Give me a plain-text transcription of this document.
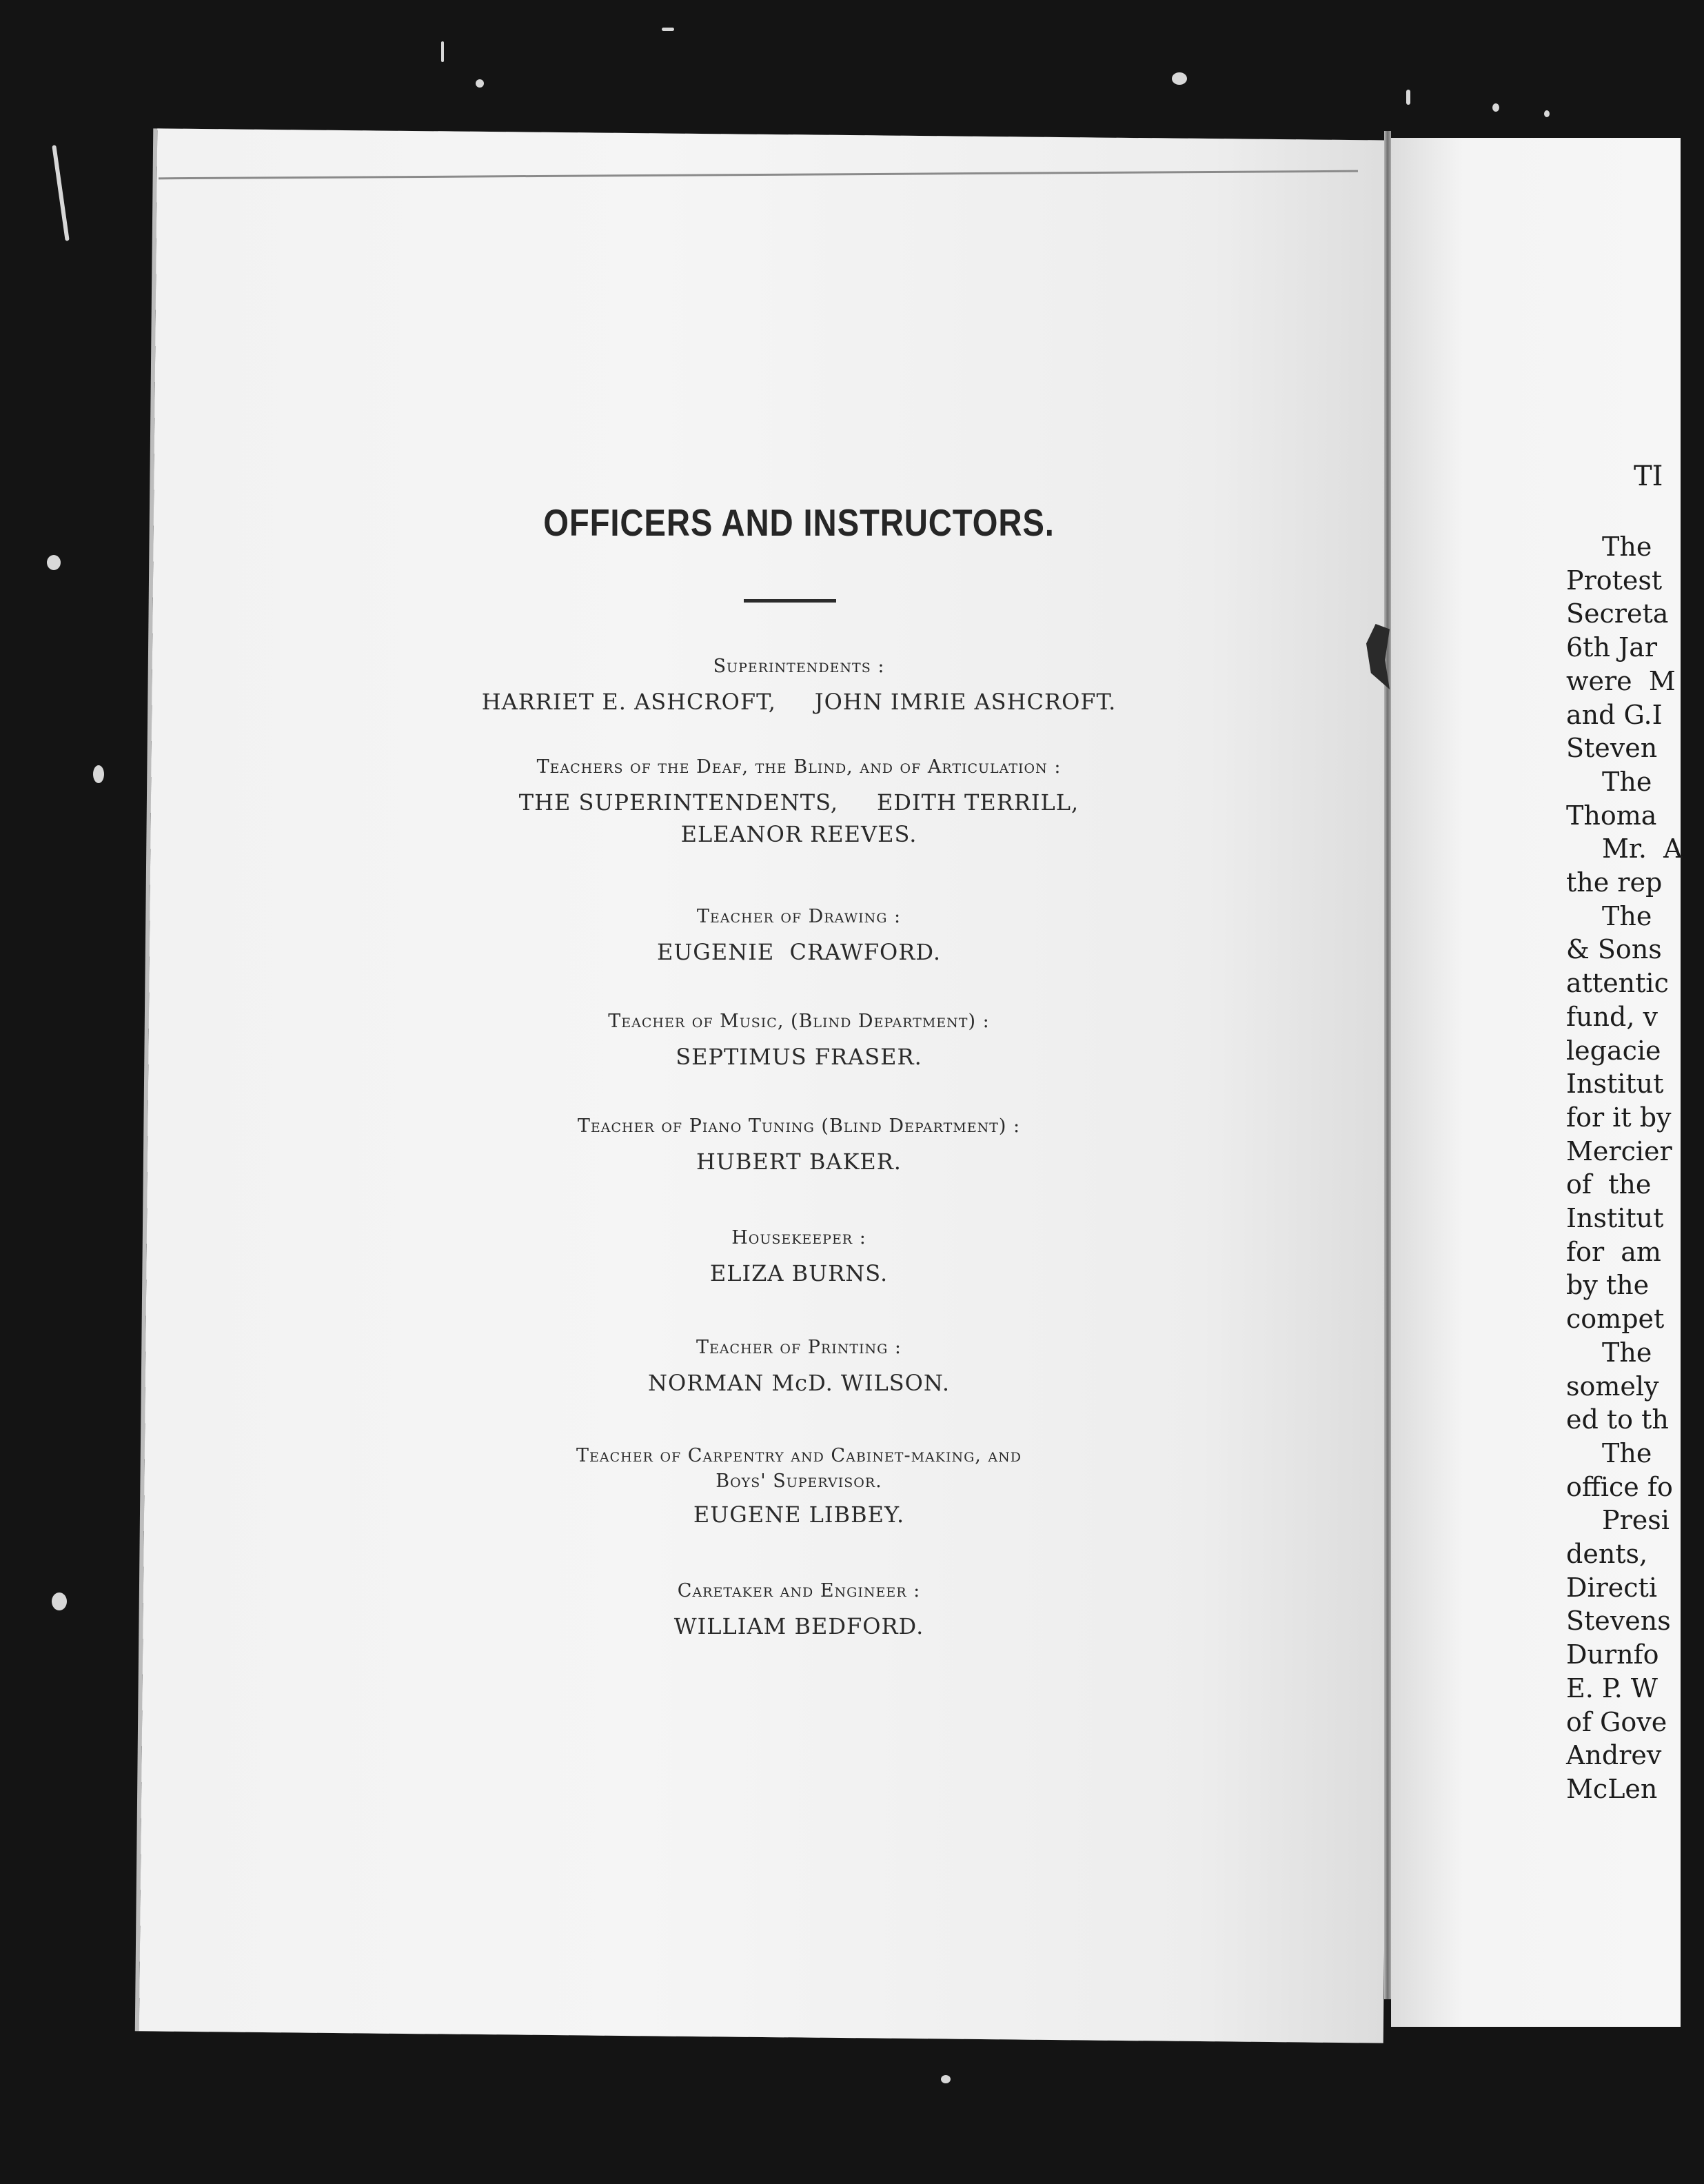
OFFICERS AND INSTRUCTORS.
Superintendents :
HARRIET E. ASHCROFT,     JOHN IMRIE ASHCROFT.
Teachers of the Deaf, the Blind, and of Articulation :
THE SUPERINTENDENTS,     EDITH TERRILL,
ELEANOR REEVES.
Teacher of Drawing :
EUGENIE  CRAWFORD.
Teacher of Music, (Blind Department) :
SEPTIMUS FRASER.
Teacher of Piano Tuning (Blind Department) :
HUBERT BAKER.
Housekeeper :
ELIZA BURNS.
Teacher of Printing :
NORMAN McD. WILSON.
Teacher of Carpentry and Cabinet-making, and
Boys' Supervisor.
EUGENE LIBBEY.
Caretaker and Engineer :
WILLIAM BEDFORD.
TI
The
Protest
Secreta
6th Jar
were  M
and G.I
Steven
The
Thoma
Mr.  A
the rep
The
& Sons
attentic
fund, v
legacie
Institut
for it by
Mercier
of  the
Institut
for  am
by the
compet
The
somely
ed to th
The
office fo
Presi
dents,
Directi
Stevens
Durnfo
E. P. W
of Gove
Andrev
McLen
